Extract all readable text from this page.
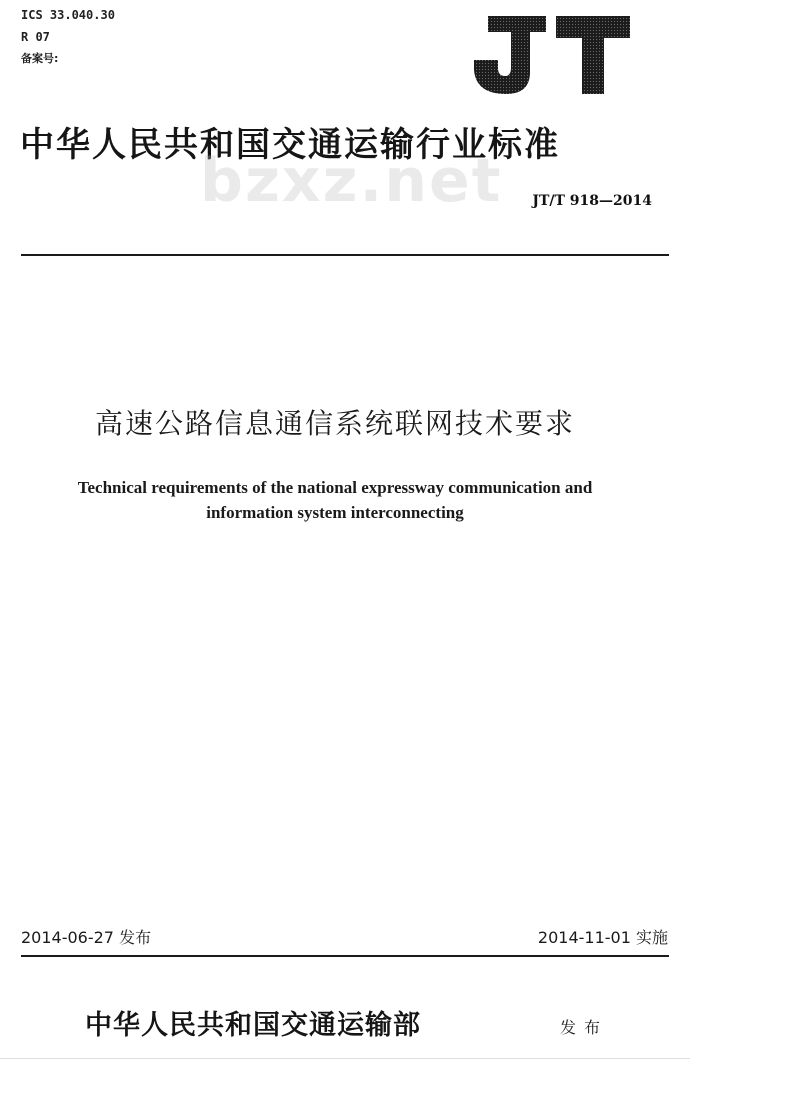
ICS 33.040.30
R 07
备案号:
中华人民共和国交通运输行业标准
bzxz.net	JT/T 918—2014
高速公路信息通信系统联网技术要求
Technical requirements of the national expressway communication and
information system interconnecting
2014-06-27 发布	2014-11-01 实施
中华人民共和国交通运输部	发布
